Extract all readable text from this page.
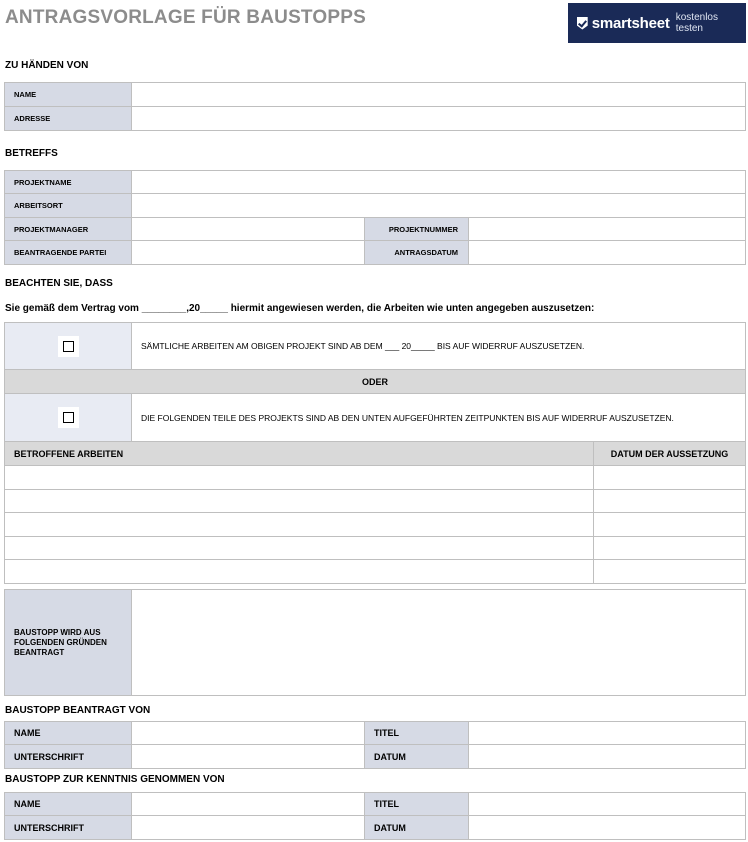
ANTRAGSVORLAGE FÜR BAUSTOPPS	smartsheet kostenlos testen
ZU HÄNDEN VON
NAME	
ADRESSE	
BETREFFS
PROJEKTNAME			
ARBEITSORT			
PROJEKTMANAGER		PROJEKTNUMMER	
BEANTRAGENDE PARTEI		ANTRAGSDATUM	
BEACHTEN SIE, DASS
Sie gemäß dem Vertrag vom ________,20_____ hiermit angewiesen werden, die Arbeiten wie unten angegeben auszusetzen:
	SÄMTLICHE ARBEITEN AM OBIGEN PROJEKT SIND AB DEM ___ 20_____ BIS AUF WIDERRUF AUSZUSETZEN.
ODER	
	DIE FOLGENDEN TEILE DES PROJEKTS SIND AB DEN UNTEN AUFGEFÜHRTEN ZEITPUNKTEN BIS AUF WIDERRUF AUSZUSETZEN.
BETROFFENE ARBEITEN	DATUM DER AUSSETZUNG

BAUSTOPP WIRD AUS FOLGENDEN GRÜNDEN BEANTRAGT	
BAUSTOPP BEANTRAGT VON
NAME		TITEL	
UNTERSCHRIFT		DATUM	
BAUSTOPP ZUR KENNTNIS GENOMMEN VON
NAME		TITEL	
UNTERSCHRIFT		DATUM	
